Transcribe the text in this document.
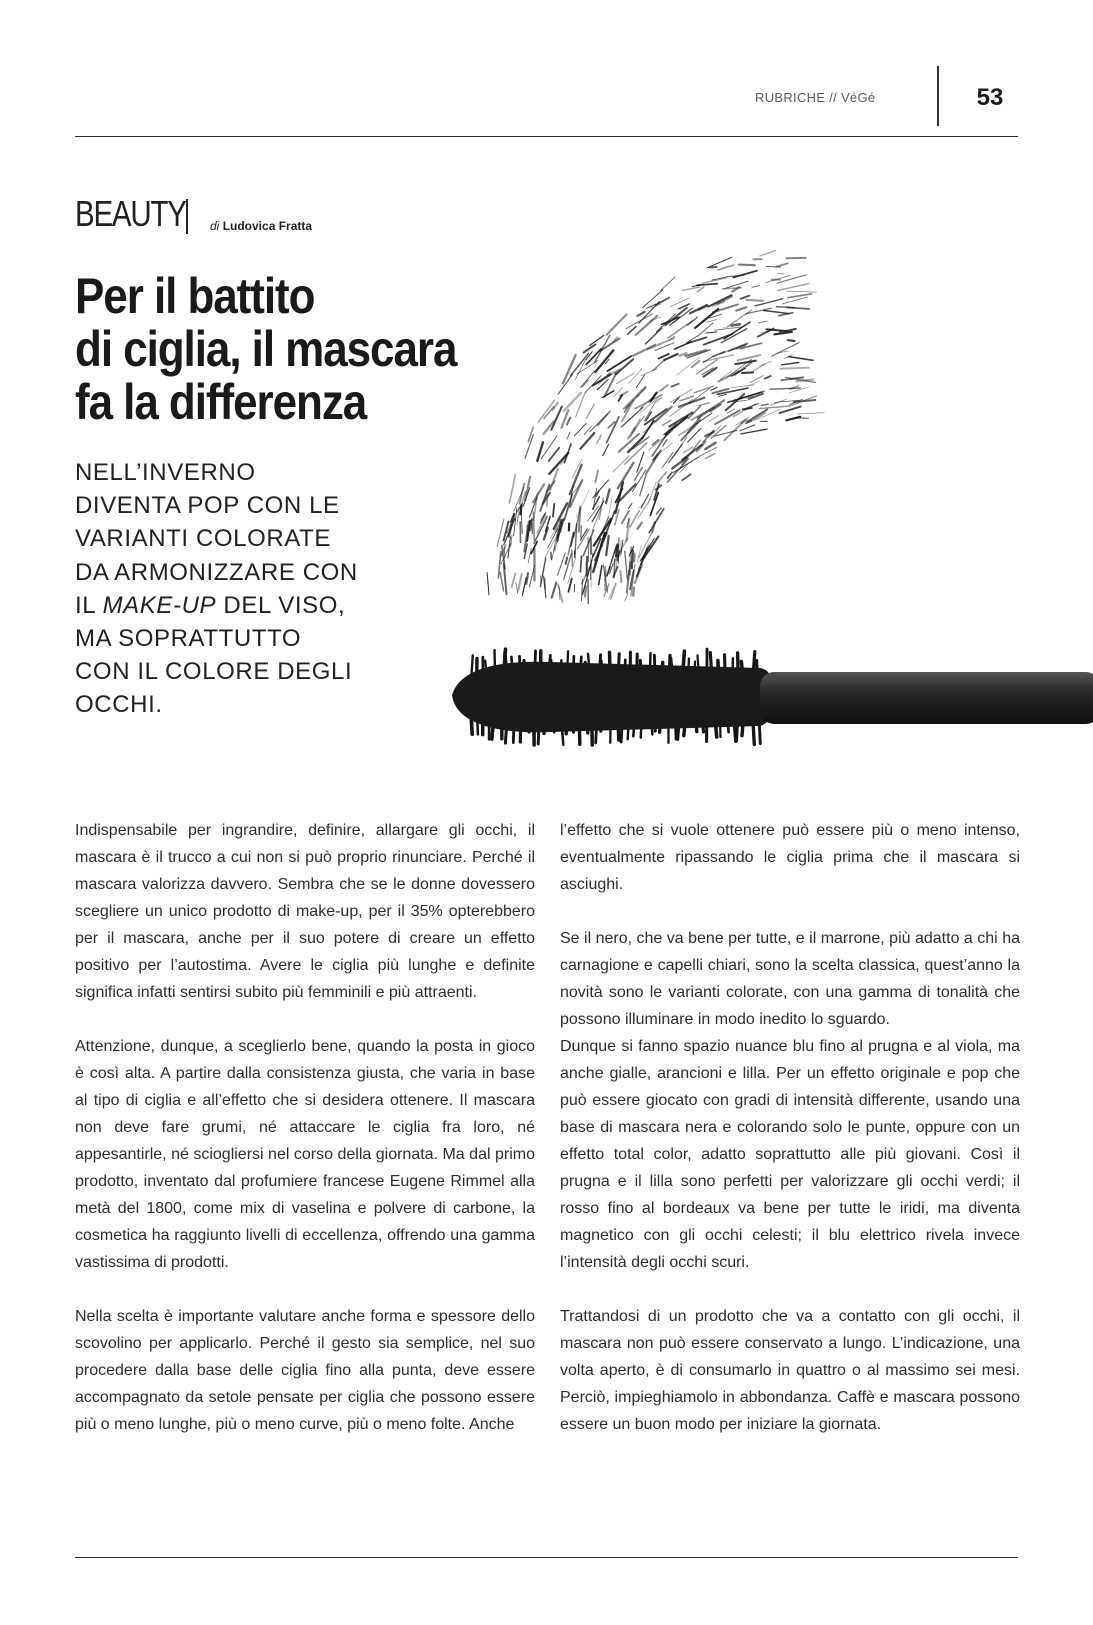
RUBRICHE // VéGé	53
BEAUTY di Ludovica Fratta
Per il battito
di ciglia, il mascara
fa la differenza
NELL’INVERNO
DIVENTA POP CON LE
VARIANTI COLORATE
DA ARMONIZZARE CON
IL MAKE-UP DEL VISO,
MA SOPRATTUTTO
CON IL COLORE DEGLI
OCCHI.

Indispensabile per ingrandire, definire, allargare gli occhi, il mascara è il trucco a cui non si può proprio rinunciare. Perché il mascara valorizza davvero. Sembra che se le donne dovessero scegliere un unico prodotto di make-up, per il 35% opterebbero per il mascara, anche per il suo potere di creare un effetto positivo per l’autostima. Avere le ciglia più lunghe e definite significa infatti sentirsi subito più femminili e più attraenti.

Attenzione, dunque, a sceglierlo bene, quando la posta in gioco è così alta. A partire dalla consistenza giusta, che varia in base al tipo di ciglia e all’effetto che si desidera ottenere. Il mascara non deve fare grumi, né attaccare le ciglia fra loro, né appesantirle, né sciogliersi nel corso della giornata. Ma dal primo prodotto, inventato dal profumiere francese Eugene Rimmel alla metà del 1800, come mix di vaselina e polvere di carbone, la cosmetica ha raggiunto livelli di eccellenza, offrendo una gamma vastissima di prodotti.

Nella scelta è importante valutare anche forma e spessore dello scovolino per applicarlo. Perché il gesto sia semplice, nel suo procedere dalla base delle ciglia fino alla punta, deve essere accompagnato da setole pensate per ciglia che possono essere più o meno lunghe, più o meno curve, più o meno folte. Anche

l’effetto che si vuole ottenere può essere più o meno intenso, eventualmente ripassando le ciglia prima che il mascara si asciughi.

Se il nero, che va bene per tutte, e il marrone, più adatto a chi ha carnagione e capelli chiari, sono la scelta classica, quest’anno la novità sono le varianti colorate, con una gamma di tonalità che possono illuminare in modo inedito lo sguardo.

Dunque si fanno spazio nuance blu fino al prugna e al viola, ma anche gialle, arancioni e lilla. Per un effetto originale e pop che può essere giocato con gradi di intensità differente, usando una base di mascara nera e colorando solo le punte, oppure con un effetto total color, adatto soprattutto alle più giovani. Così il prugna e il lilla sono perfetti per valorizzare gli occhi verdi; il rosso fino al bordeaux va bene per tutte le iridi, ma diventa magnetico con gli occhi celesti; il blu elettrico rivela invece l’intensità degli occhi scuri.

Trattandosi di un prodotto che va a contatto con gli occhi, il mascara non può essere conservato a lungo. L’indicazione, una volta aperto, è di consumarlo in quattro o al massimo sei mesi. Perciò, impieghiamolo in abbondanza. Caffè e mascara possono essere un buon modo per iniziare la giornata.
